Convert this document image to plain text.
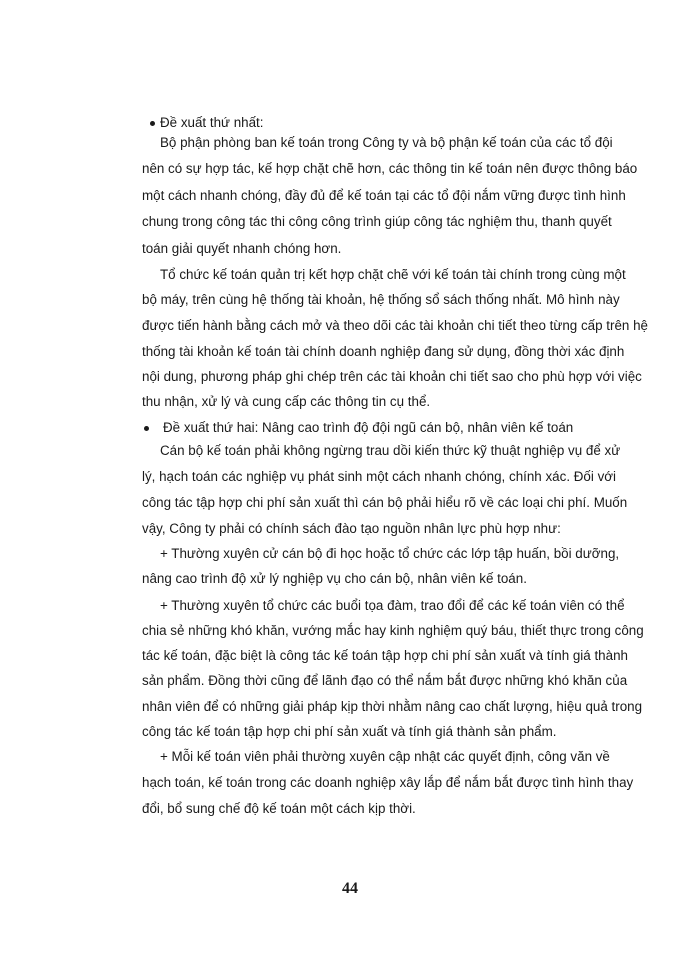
Đề xuất thứ nhất:
Bộ phận phòng ban kế toán trong Công ty và bộ phận kế toán của các tổ đội
nên có sự hợp tác, kế hợp chặt chẽ hơn, các thông tin kế toán nên được thông báo
một cách nhanh chóng, đầy đủ để kế toán tại các tổ đội nắm vững được tình hình
chung trong công tác thi công công trình giúp công tác nghiệm thu, thanh quyết
toán giải quyết nhanh chóng hơn.
Tổ chức kế toán quản trị kết hợp chặt chẽ với kế toán tài chính trong cùng một
bộ máy, trên cùng hệ thống tài khoản, hệ thống sổ sách thống nhất. Mô hình này
được tiến hành bằng cách mở và theo dõi các tài khoản chi tiết theo từng cấp trên hệ
thống tài khoản kế toán tài chính doanh nghiệp đang sử dụng, đồng thời xác định
nội dung, phương pháp ghi chép trên các tài khoản chi tiết sao cho phù hợp với việc
thu nhận, xử lý và cung cấp các thông tin cụ thể.
Đề xuất thứ hai: Nâng cao trình độ đội ngũ cán bộ, nhân viên kế toán
Cán bộ kế toán phải không ngừng trau dồi kiến thức kỹ thuật nghiệp vụ để xử
lý, hạch toán các nghiệp vụ phát sinh một cách nhanh chóng, chính xác. Đối với
công tác tập hợp chi phí sản xuất thì cán bộ phải hiểu rõ về các loại chi phí. Muốn
vậy, Công ty phải có chính sách đào tạo nguồn nhân lực phù hợp như:
+ Thường xuyên cử cán bộ đi học hoặc tổ chức các lớp tập huấn, bồi dưỡng,
nâng cao trình độ xử lý nghiệp vụ cho cán bộ, nhân viên kế toán.
+ Thường xuyên tổ chức các buổi tọa đàm, trao đổi để các kế toán viên có thể
chia sẻ những khó khăn, vướng mắc hay kinh nghiệm quý báu, thiết thực trong công
tác kế toán, đặc biệt là công tác kế toán tập hợp chi phí sản xuất và tính giá thành
sản phẩm. Đồng thời cũng để lãnh đạo có thể nắm bắt được những khó khăn của
nhân viên để có những giải pháp kịp thời nhằm nâng cao chất lượng, hiệu quả trong
công tác kế toán tập hợp chi phí sản xuất và tính giá thành sản phẩm.
+ Mỗi kế toán viên phải thường xuyên cập nhật các quyết định, công văn về
hạch toán, kế toán trong các doanh nghiệp xây lắp để nắm bắt được tình hình thay
đổi, bổ sung chế độ kế toán một cách kịp thời.
44
